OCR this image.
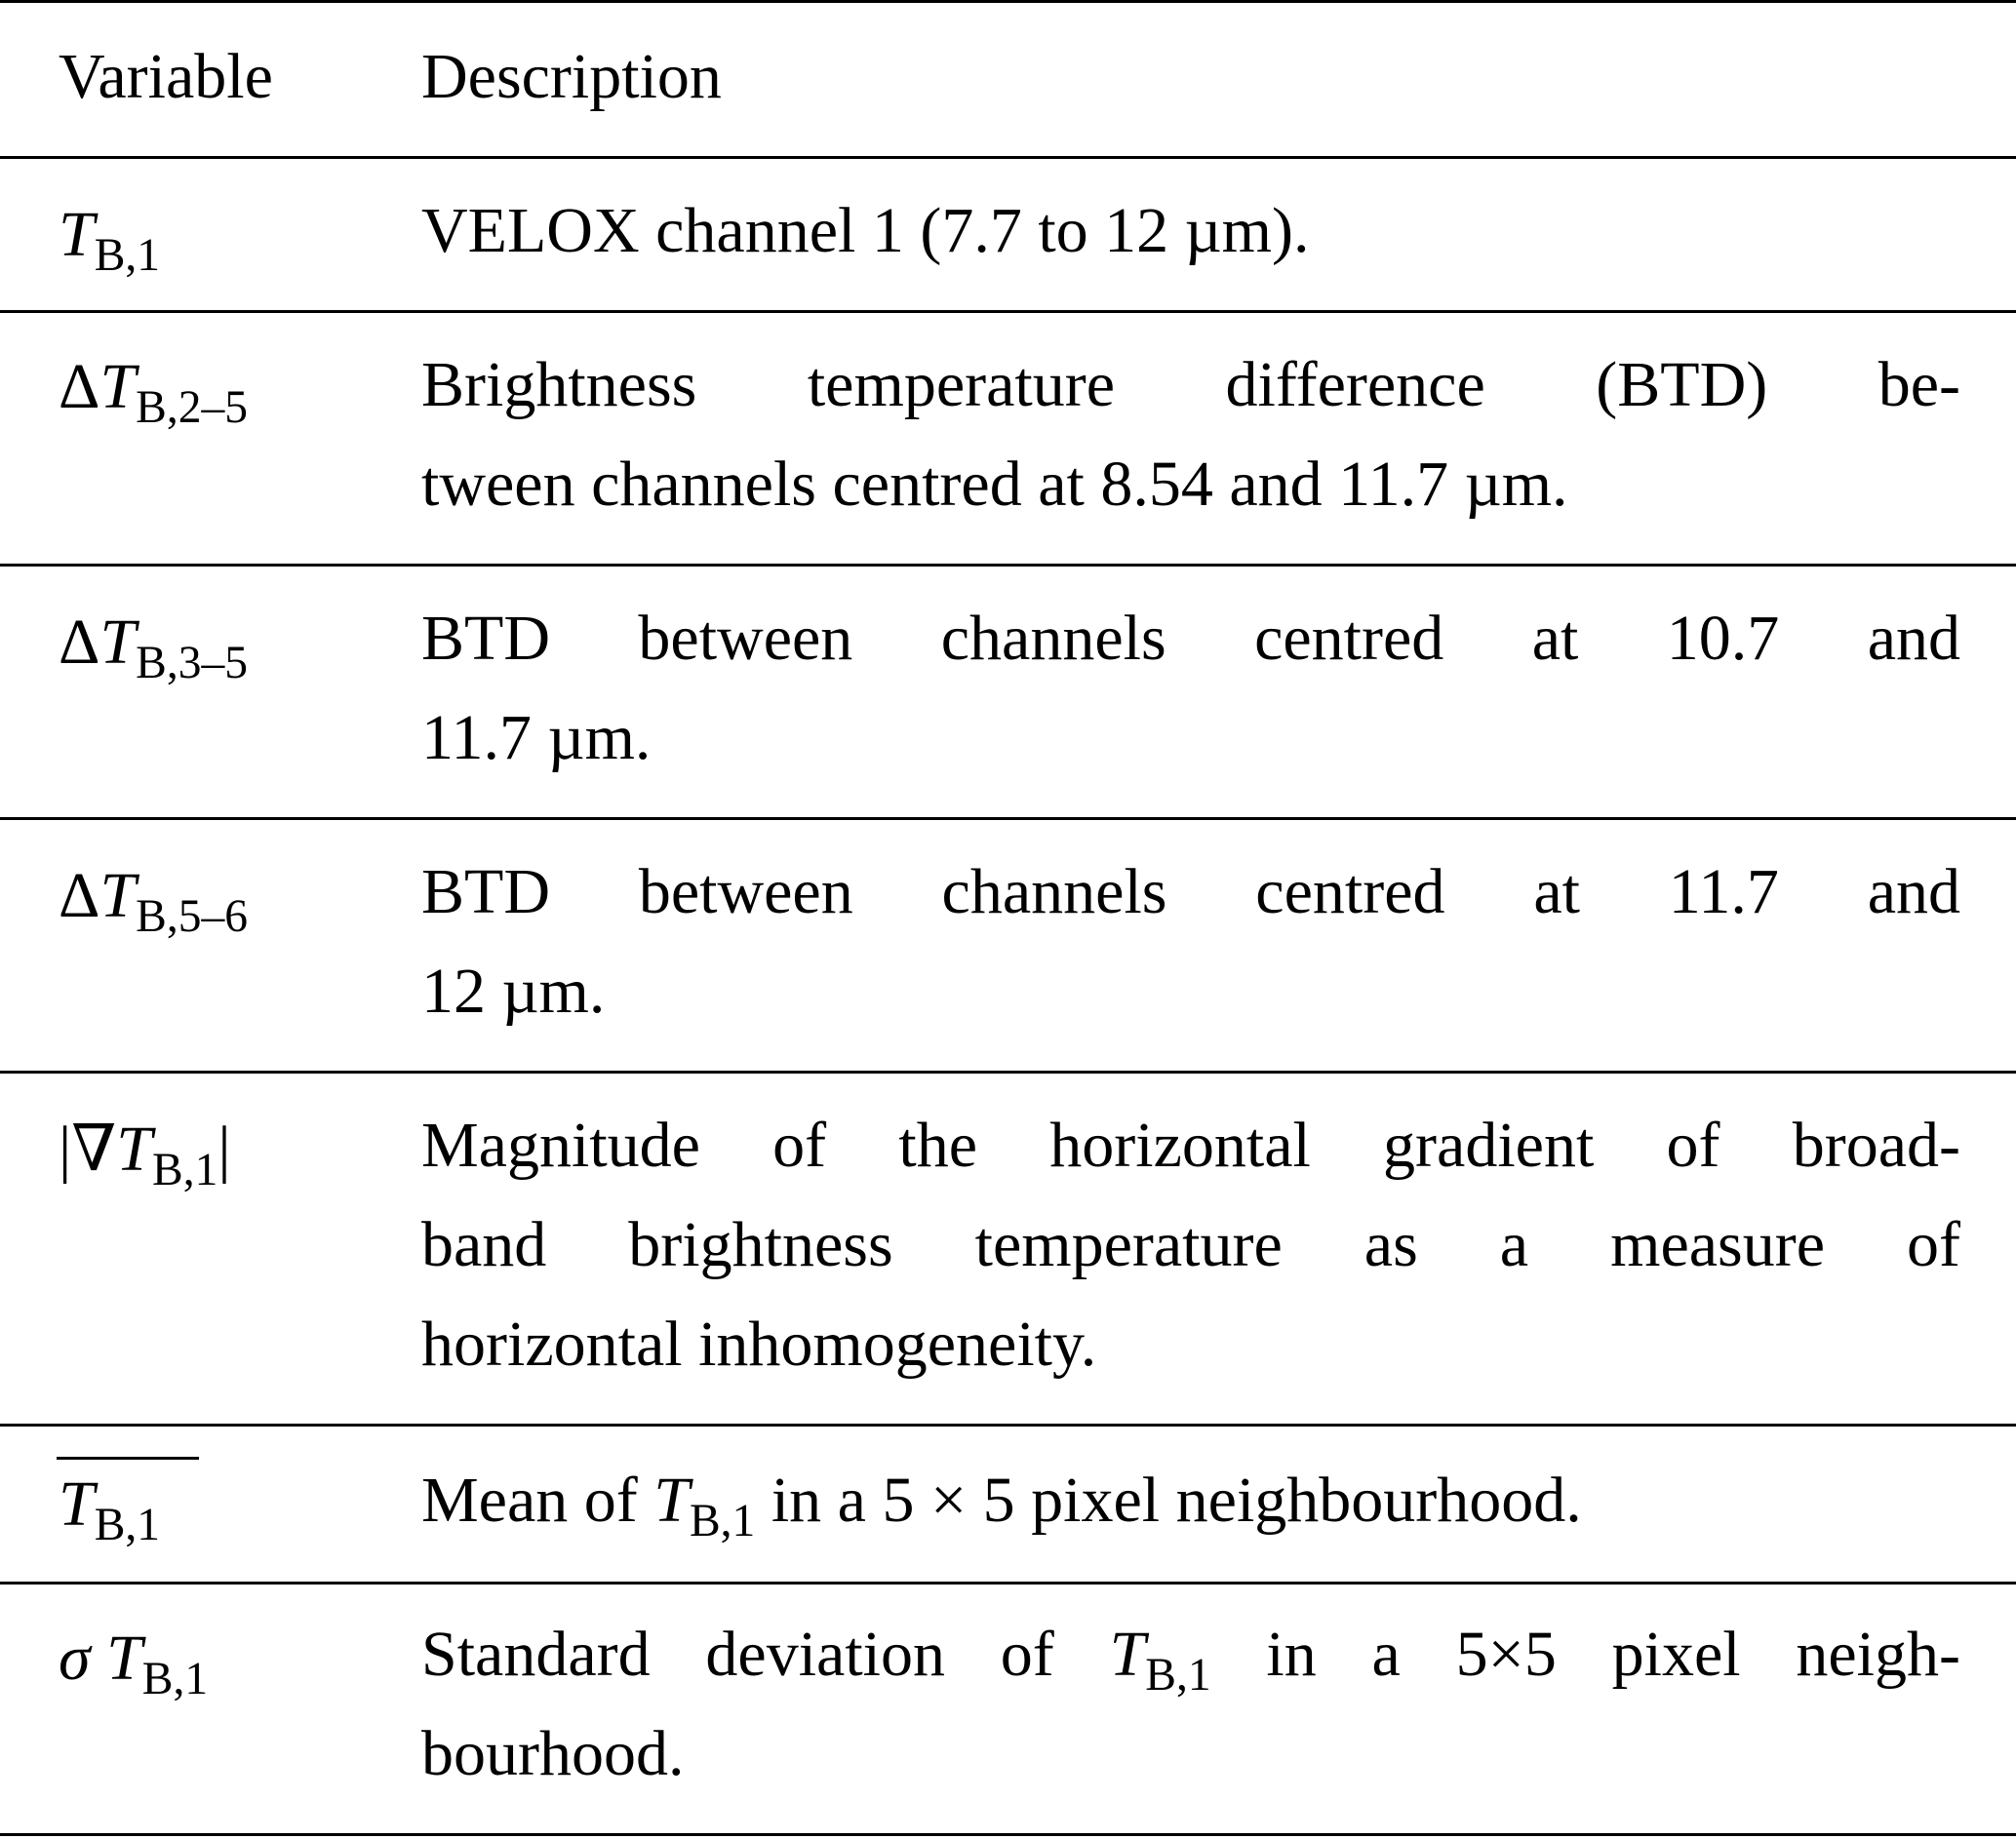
Variable Description
$T_{B,1}$	VELOX channel 1 (7.7 to 12 µm).
$\Delta T_{B,2-5}$	Brightness temperature difference (BTD) be-
tween channels centred at 8.54 and 11.7 µm.
$\Delta T_{B,3-5}$	BTD between channels centred at 10.7 and
11.7 µm.
$\Delta T_{B,5-6}$	BTD between channels centred at 11.7 and
12 µm.
$|\nabla T_{B,1}|$	Magnitude of the horizontal gradient of broad-
band brightness temperature as a measure of
horizontal inhomogeneity.
$T_{B,1}$	Mean of $T_{B,1}$ in a 5 × 5 pixel neighbourhood.
σ $T_{B,1}$	Standard deviation of $T_{B,1}$ in a 5×5 pixel neigh-
bourhood.
